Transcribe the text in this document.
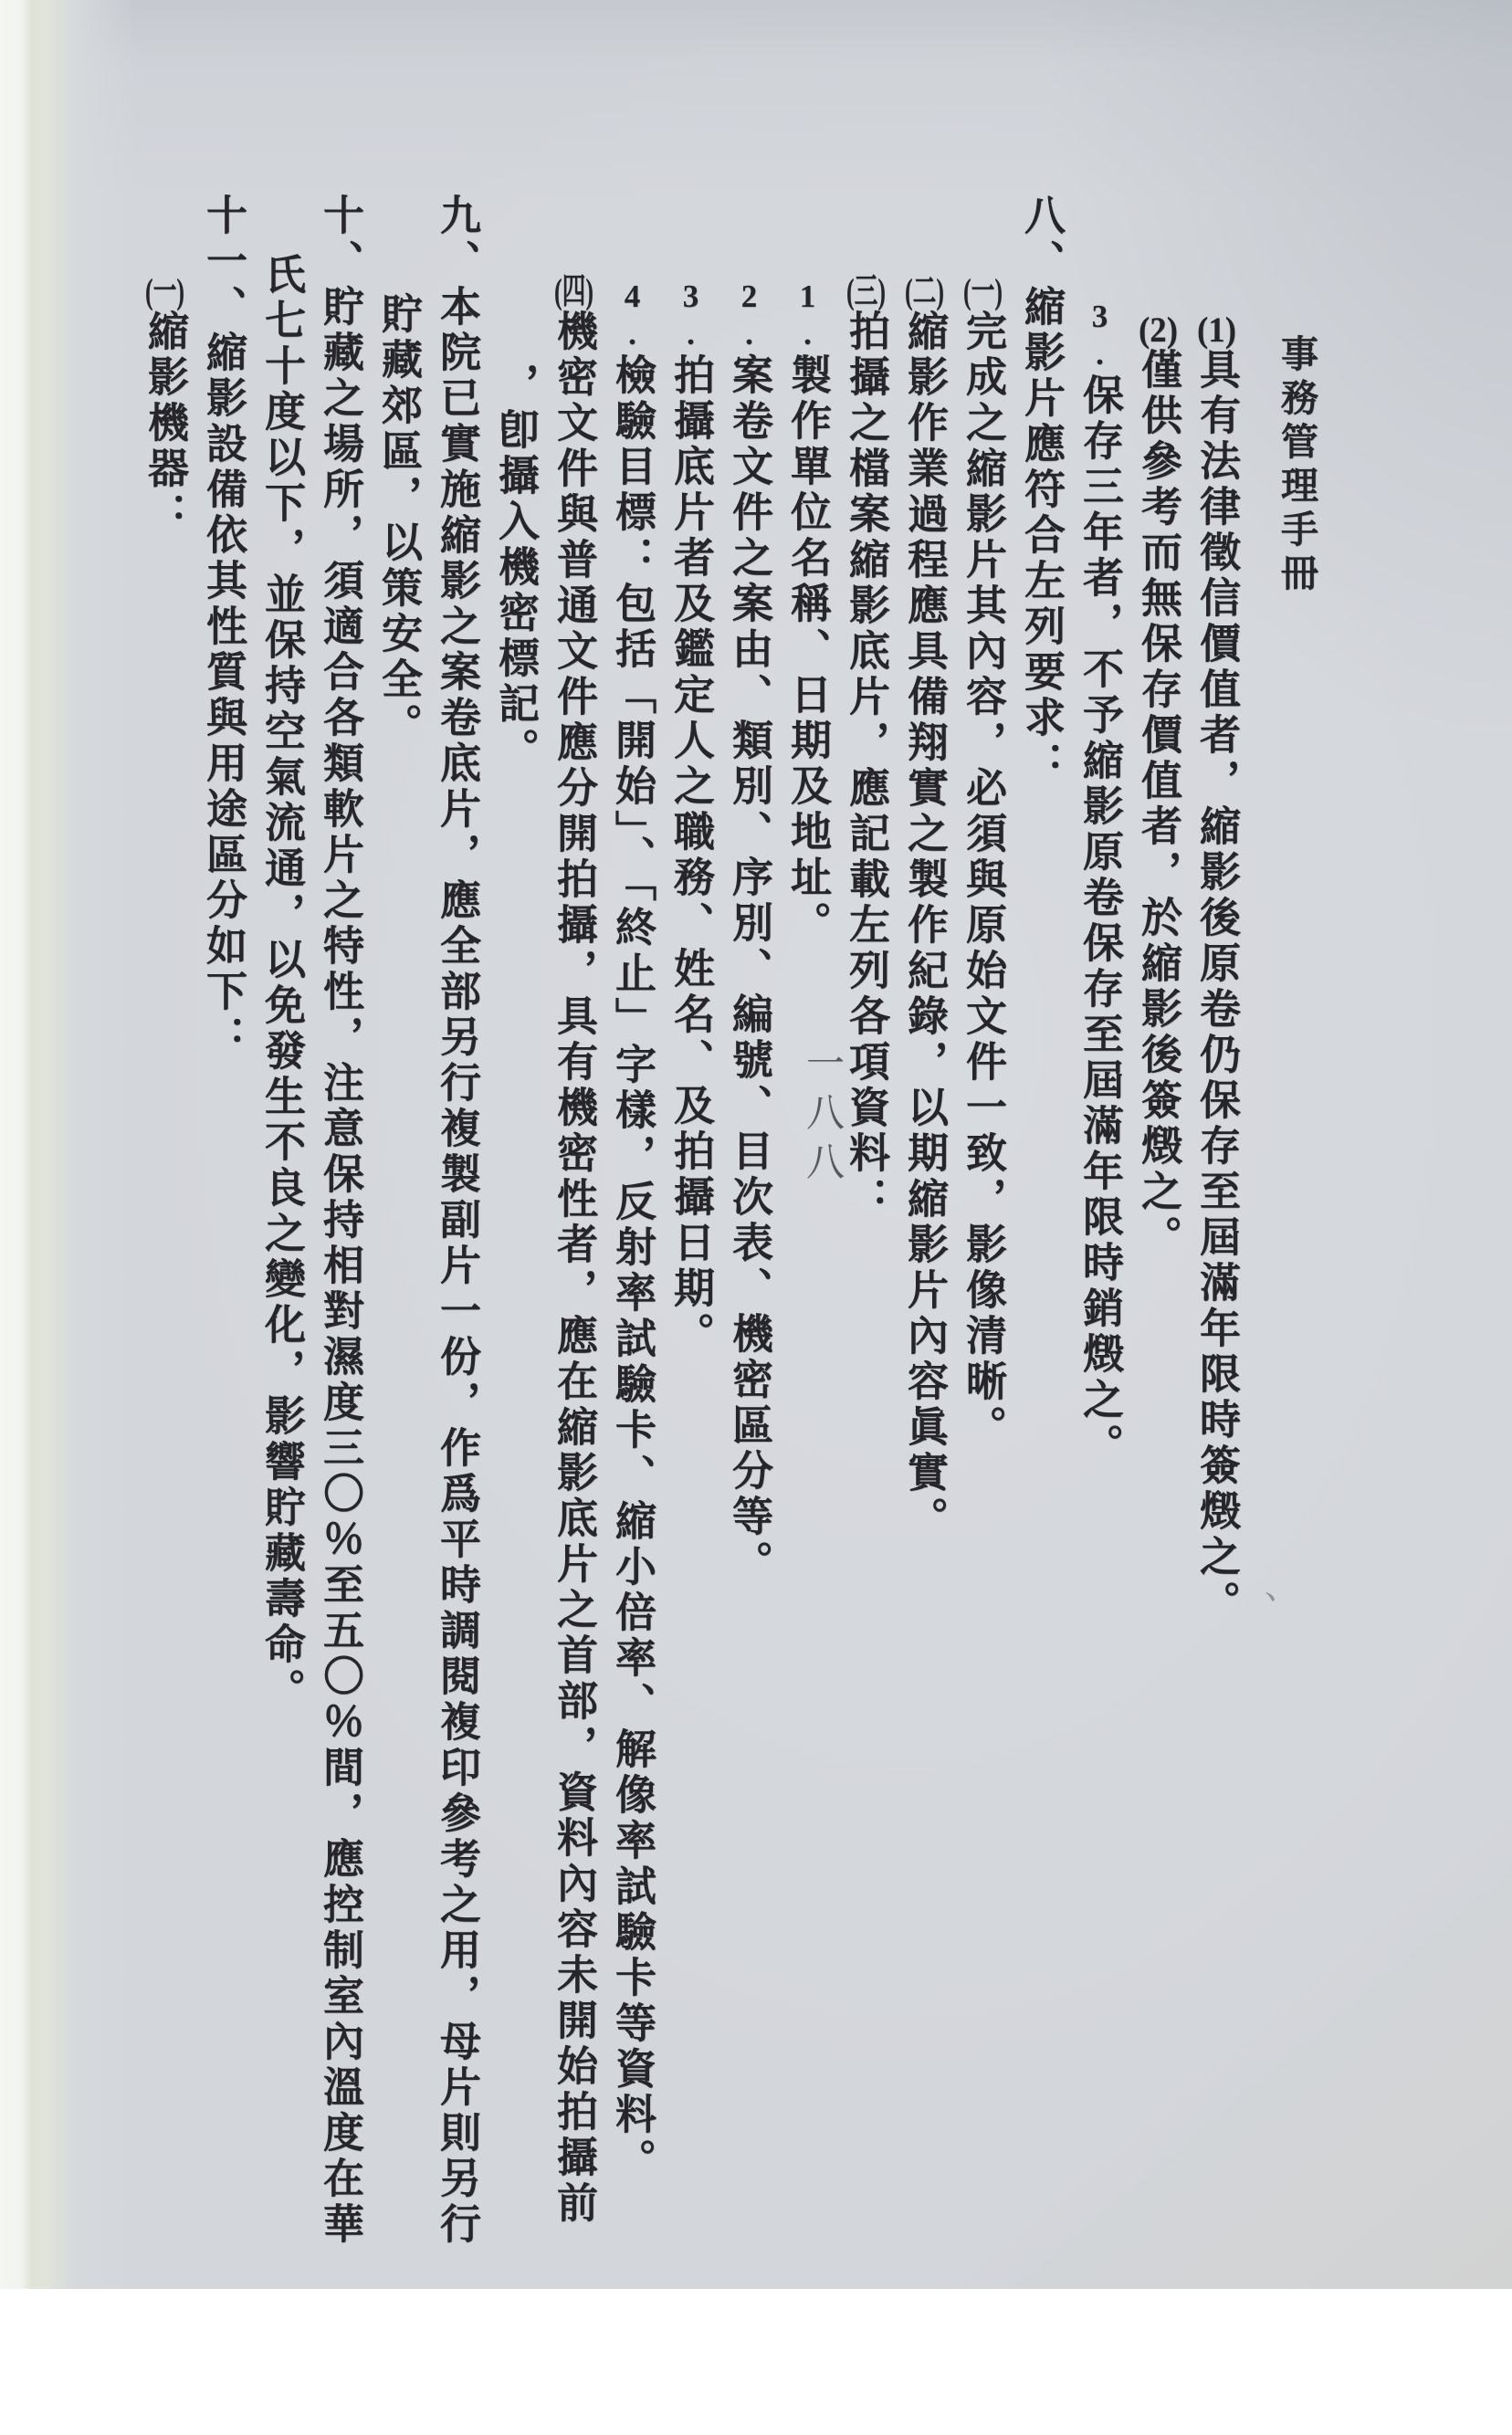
事務管理手冊
(1)具有法律徵信價值者，縮影後原卷仍保存至屆滿年限時簽燬之。
(2)僅供參考而無保存價值者，於縮影後簽燬之。
3.保存三年者，不予縮影原卷保存至屆滿年限時銷燬之。
八、縮影片應符合左列要求：
(一)完成之縮影片其內容，必須與原始文件一致，影像清晰。
(二)縮影作業過程應具備翔實之製作紀錄，以期縮影片內容眞實。
(三)拍攝之檔案縮影底片，應記載左列各項資料：
1.製作單位名稱、日期及地址。
2.案卷文件之案由、類別、序別、編號、目次表、機密區分等。
3.拍攝底片者及鑑定人之職務、姓名、及拍攝日期。
4.檢驗目標：包括「開始」、「終止」字樣，反射率試驗卡、縮小倍率、解像率試驗卡等資料。
(四)機密文件與普通文件應分開拍攝，具有機密性者，應在縮影底片之首部，資料內容未開始拍攝前
，卽攝入機密標記。
九、本院已實施縮影之案卷底片，應全部另行複製副片一份，作爲平時調閱複印參考之用，母片則另行
貯藏郊區，以策安全。
十、貯藏之場所，須適合各類軟片之特性，注意保持相對濕度三〇％至五〇％間，應控制室內溫度在華
氏七十度以下，並保持空氣流通，以免發生不良之變化，影響貯藏壽命。
十一、縮影設備依其性質與用途區分如下：
(一)縮影機器：
一八八
、
